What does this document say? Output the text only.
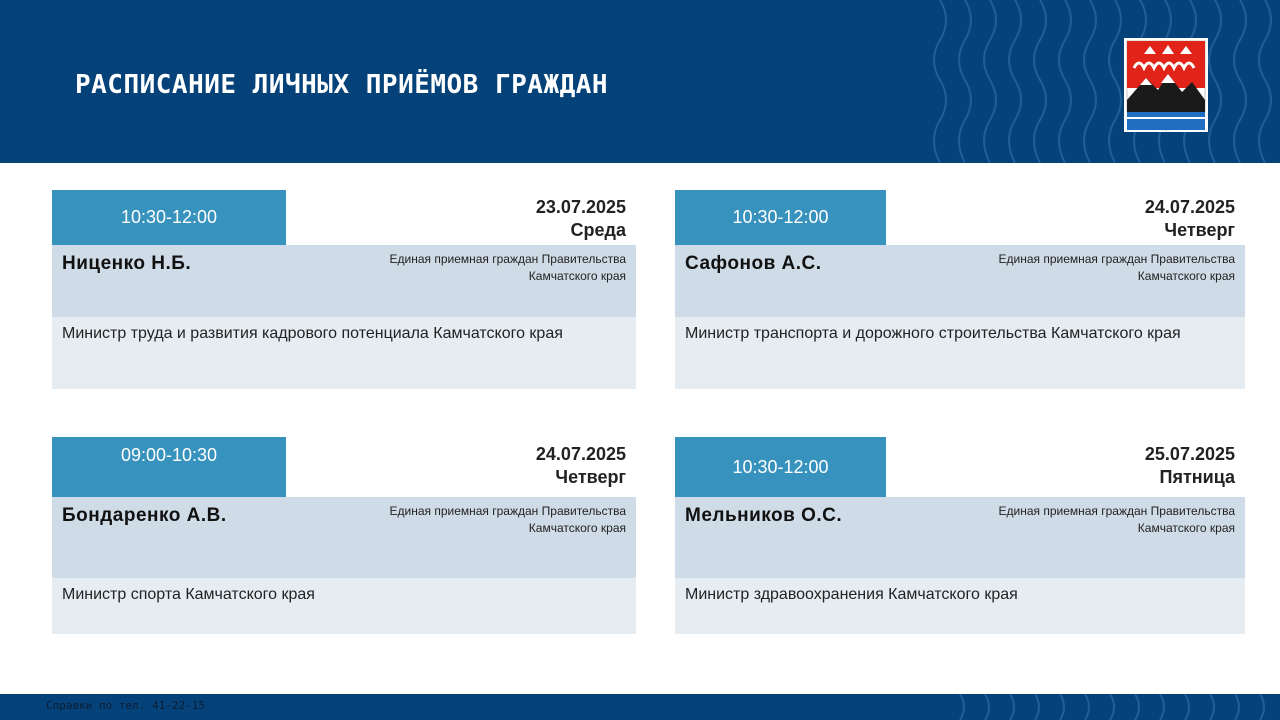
РАСПИСАНИЕ ЛИЧНЫХ ПРИЁМОВ ГРАЖДАН
10:30-12:00	23.07.2025
Среда
Ниценко Н.Б.	Единая приемная граждан Правительства Камчатского края
Министр труда и развития кадрового потенциала Камчатского края
10:30-12:00	24.07.2025
Четверг
Сафонов А.С.	Единая приемная граждан Правительства Камчатского края
Министр транспорта и дорожного строительства Камчатского края
09:00-10:30	24.07.2025
Четверг
Бондаренко А.В.	Единая приемная граждан Правительства Камчатского края
Министр спорта Камчатского края
10:30-12:00
25.07.2025
Пятница
Мельников О.С.	Единая приемная граждан Правительства Камчатского края
Министр здравоохранения Камчатского края
Справки по тел. 41-22-15
